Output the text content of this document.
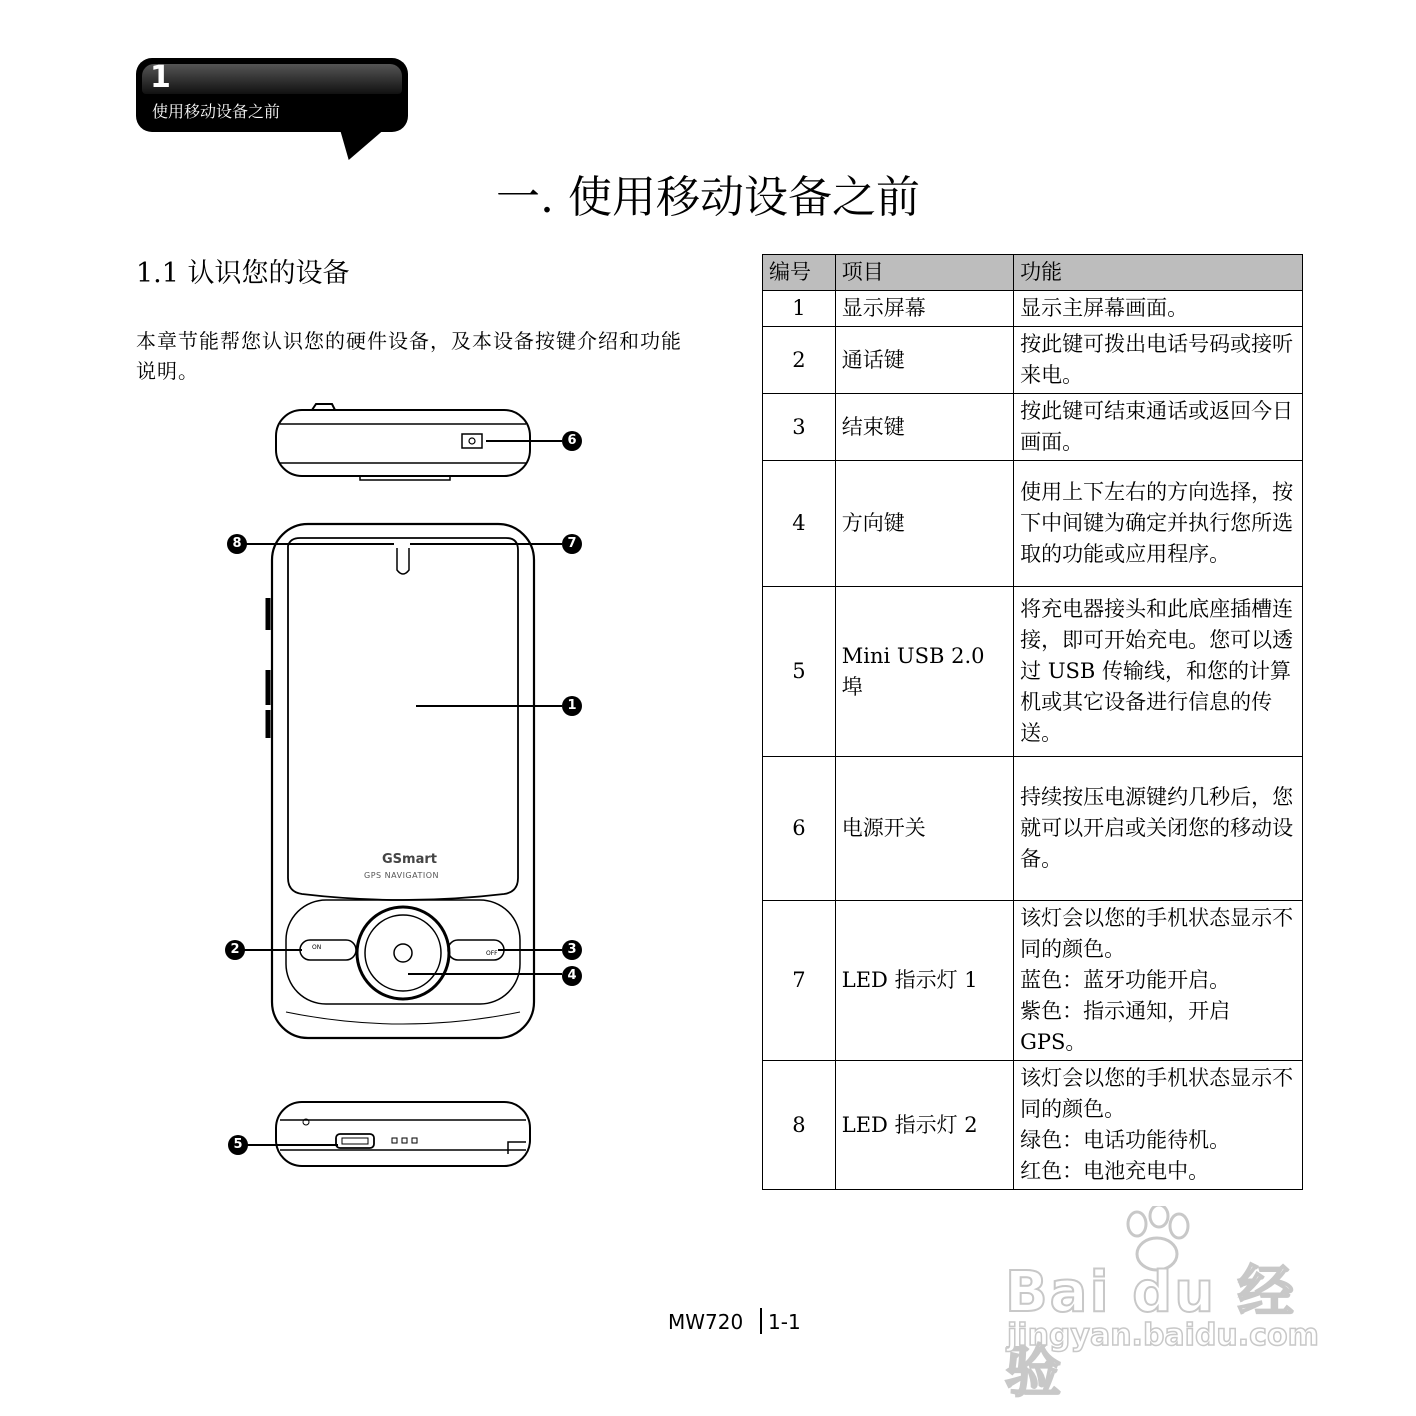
1
使用移动设备之前
一. 使用移动设备之前
1.1 认识您的设备
本章节能帮您认识您的硬件设备，及本设备按键介绍和功能说明。
GSmart
GPS NAVIGATION
ON
OFF
1
2	3
4
5
6
7
8
编号	项目	功能
1	显示屏幕	显示主屏幕画面。
2	通话键	按此键可拨出电话号码或接听来电。
3	结束键	按此键可结束通话或返回今日画面。
4	方向键	使用上下左右的方向选择，按下中间键为确定并执行您所选取的功能或应用程序。
5	Mini USB 2.0 埠	将充电器接头和此底座插槽连接，即可开始充电。您可以透过 USB 传输线，和您的计算机或其它设备进行信息的传送。
6	电源开关	持续按压电源键约几秒后，您就可以开启或关闭您的移动设备。
7	LED 指示灯 1	该灯会以您的手机状态显示不同的颜色。
蓝色：蓝牙功能开启。
紫色：指示通知，开启 GPS。

8	LED 指示灯 2	该灯会以您的手机状态显示不同的颜色。
绿色：电话功能待机。
红色：电池充电中。
Bai du 经验
jingyan.baidu.com
MW720 1-1
